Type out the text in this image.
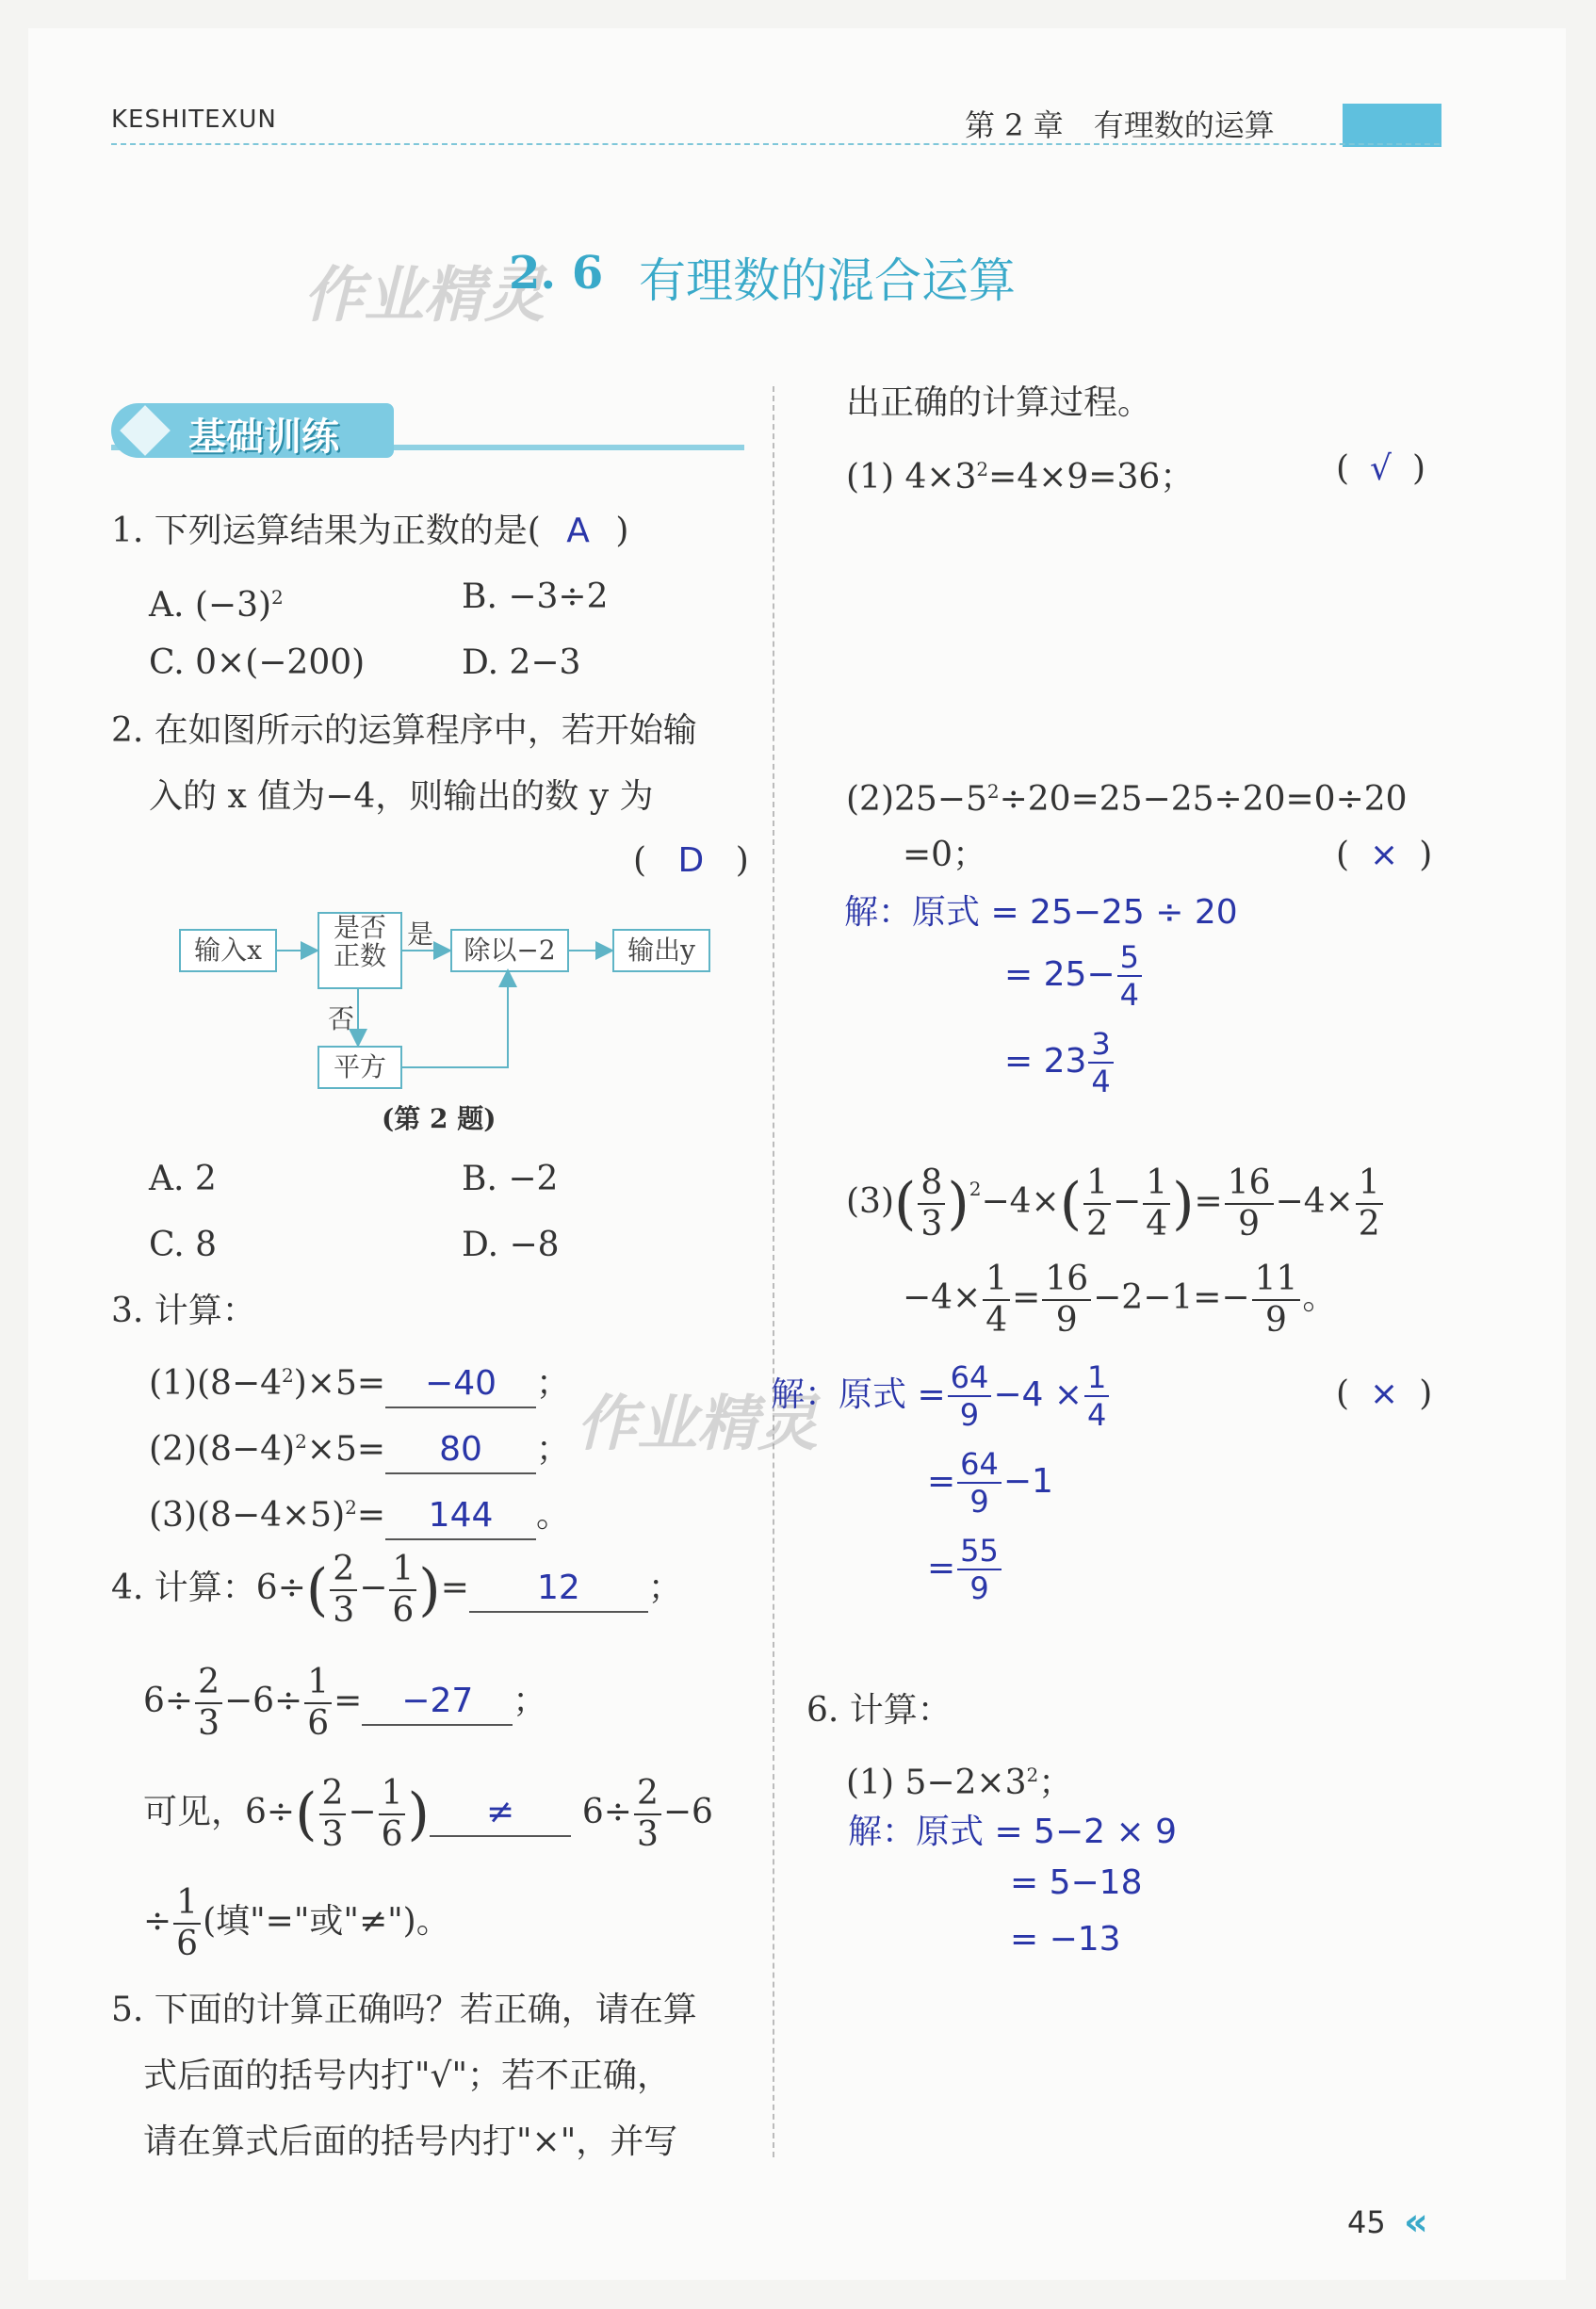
KESHITEXUN	第 2 章　有理数的运算
作业精灵
2. 6 有理数的混合运算
基础训练
1. 下列运算结果为正数的是( A )
A. $(-3)^2$	B. −3÷2
C. 0×(−200)	D. 2−3
2. 在如图所示的运算程序中，若开始输
入的 x 值为−4，则输出的数 y 为
( D )
输入x
是否
正数	除以−2	输出y
平方
是
否
(第 2 题)
A. 2	B. −2
C. 8	D. −8
3. 计算：
$(1)(8-4^2)\times 5= -40$ ；
$(2)(8-4)^2\times 5= 80$ ；
$(3)(8-4\times 5)^2= 144$ 。
作业精灵
4. 计算：$6\div( \frac{2}{3} - \frac{1}{6}$ )= 12 ；
$6\div \frac{2}{3} -6\div \frac{1}{6} = -27$ ；
可见，$6\div( \frac{2}{3} - \frac{1}{6}$ ) ≠ $6\div \frac{2}{3} -6$
÷ $\frac{1}{6}$ (填"="或"≠")。
5. 下面的计算正确吗？若正确，请在算
式后面的括号内打"√"；若不正确，
请在算式后面的括号内打"×"，并写
出正确的计算过程。
(1) $4\times 3^2=4\times 9=36$；	( √ )
$(2)25-5^2\div 20=25-25\div 20=0\div 20$
=0；	( × )
解：原式 = 25−25 ÷ 20
= $25- \frac{5}{4}$
= $23 \frac{3}{4}$
$(3)( \frac{8}{3} )^2-4\times( \frac{1}{2} - \frac{1}{4}$ )= $\frac{16}{9} -4\times \frac{1}{2}$
$-4\times \frac{1}{4} = \frac{16}{9} -2-1=- \frac{11}{9}$ 。
( × )
解：原式 = $\frac{64}{9} -4 \times \frac{1}{4}$
= $\frac{64}{9} -1$
= $\frac{55}{9}$
6. 计算：
(1) $5-2\times 3^2$；
解：原式 = 5−2 × 9
= 5−18
= −13
45 «
